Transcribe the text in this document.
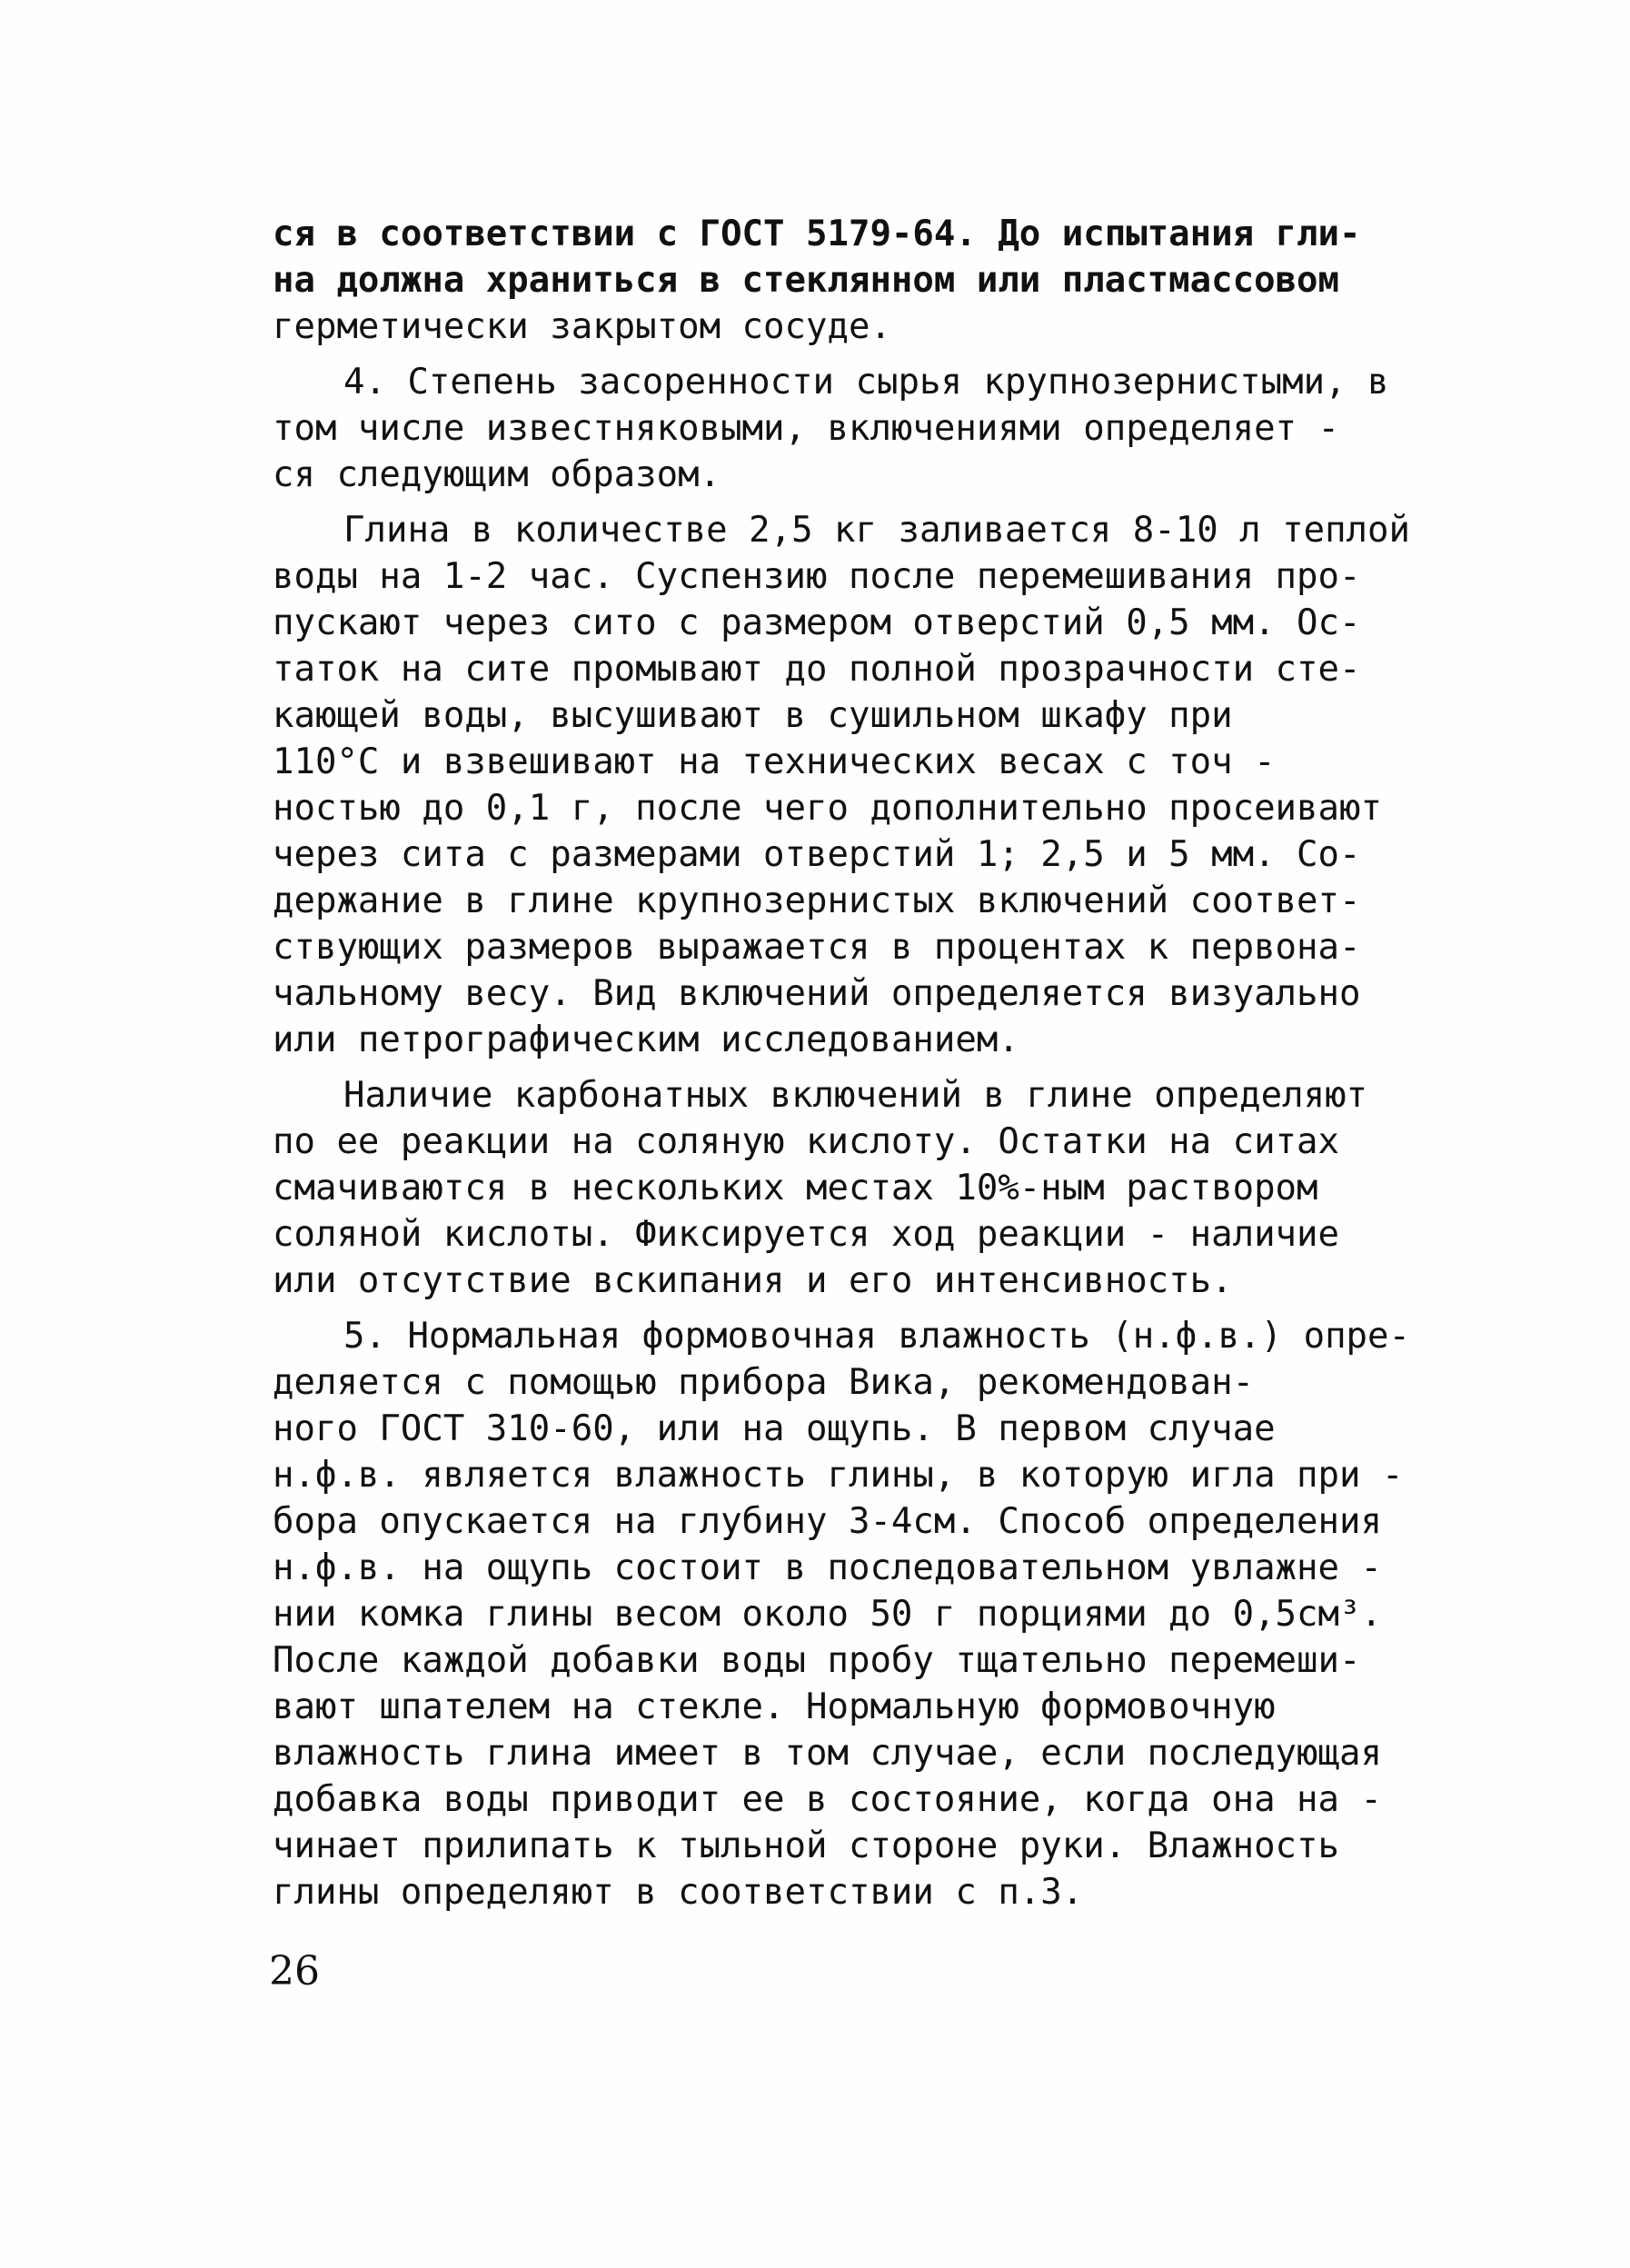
ся в соответствии с ГОСТ 5179-64. До испытания гли-
на должна храниться в стеклянном или пластмассовом
герметически закрытом сосуде.
4. Степень засоренности сырья крупнозернистыми, в
том числе известняковыми, включениями определяет -
ся следующим образом.
Глина в количестве 2,5 кг заливается 8-10 л теплой
воды на 1-2 час. Суспензию после перемешивания про-
пускают через сито с размером отверстий 0,5 мм. Ос-
таток на сите промывают до полной прозрачности сте-
кающей воды, высушивают в сушильном шкафу при
110°С и взвешивают на технических весах с точ -
ностью до 0,1 г, после чего дополнительно просеивают
через сита с размерами отверстий 1; 2,5 и 5 мм. Со-
держание в глине крупнозернистых включений соответ-
ствующих размеров выражается в процентах к первона-
чальному весу. Вид включений определяется визуально
или петрографическим исследованием.
Наличие карбонатных включений в глине определяют
по ее реакции на соляную кислоту. Остатки на ситах
смачиваются в нескольких местах 10%-ным раствором
соляной кислоты. Фиксируется ход реакции - наличие
или отсутствие вскипания и его интенсивность.
5. Нормальная формовочная влажность (н.ф.в.) опре-
деляется с помощью прибора Вика, рекомендован-
ного ГОСТ 310-60, или на ощупь. В первом случае
н.ф.в. является влажность глины, в которую игла при -
бора опускается на глубину 3-4см. Способ определения
н.ф.в. на ощупь состоит в последовательном увлажне -
нии комка глины весом около 50 г порциями до 0,5см³.
После каждой добавки воды пробу тщательно перемеши-
вают шпателем на стекле. Нормальную формовочную
влажность глина имеет в том случае, если последующая
добавка воды приводит ее в состояние, когда она на -
чинает прилипать к тыльной стороне руки. Влажность
глины определяют в соответствии с п.3.
26
